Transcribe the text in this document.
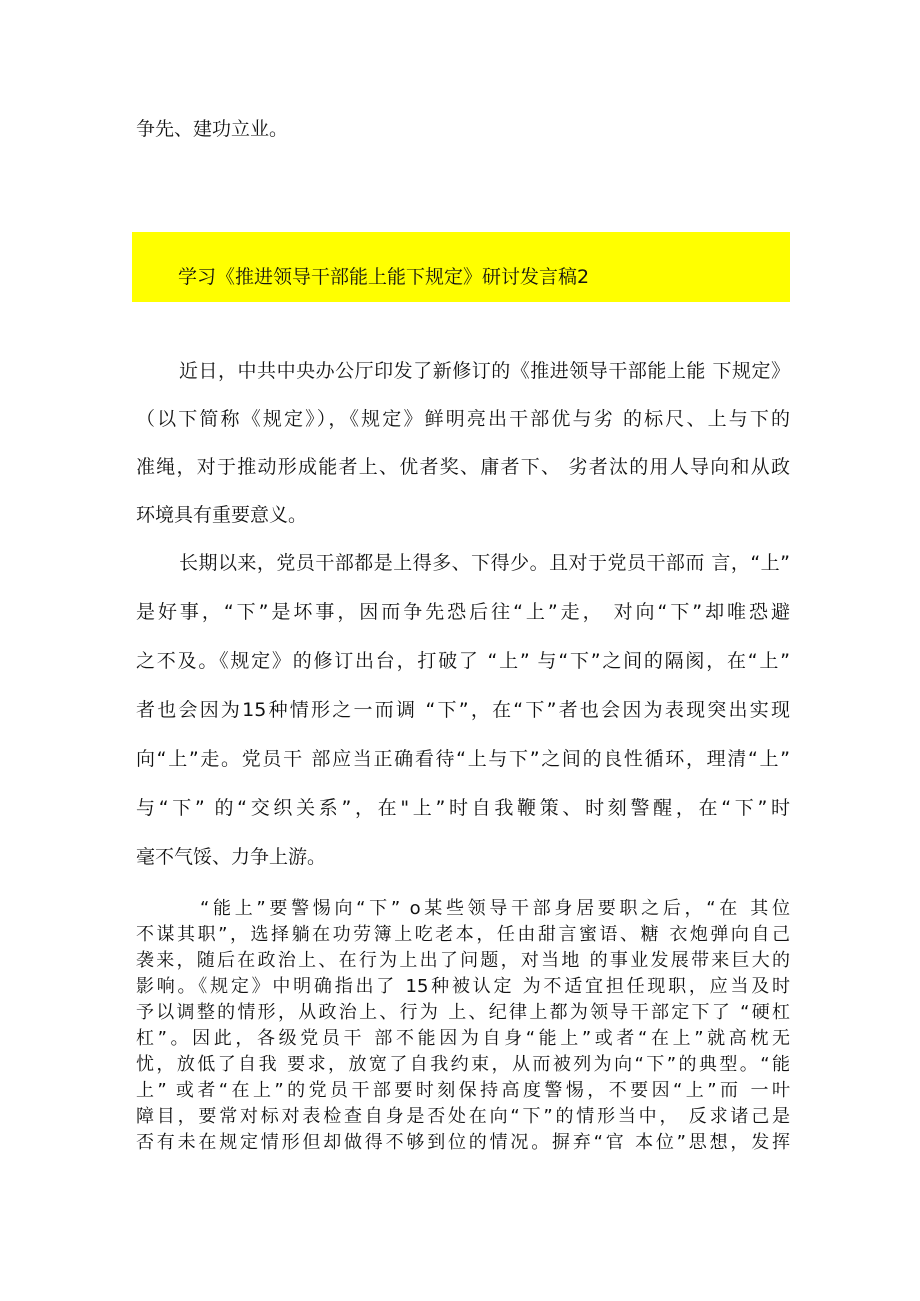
争先、建功立业。
学习《推进领导干部能上能下规定》研讨发言稿2
近日，中共中央办公厅印发了新修订的《推进领导干部能上能 下规定》
（以下简称《规定》），《规定》鲜明亮出干部优与劣 的标尺、上与下的
准绳，对于推动形成能者上、优者奖、庸者下、 劣者汰的用人导向和从政
环境具有重要意义。
长期以来，党员干部都是上得多、下得少。且对于党员干部而 言，“上”
是好事，“下”是坏事，因而争先恐后往“上”走， 对向“下”却唯恐避
之不及。《规定》的修订出台，打破了 “上” 与“下”之间的隔阂，在“上”
者也会因为15种情形之一而调 “下”，在“下”者也会因为表现突出实现
向“上”走。党员干 部应当正确看待“上与下”之间的良性循环，理清“上”
与“下” 的“交织关系”，在"上”时自我鞭策、时刻警醒，在“下”时
毫不气馁、力争上游。
“能上”要警惕向“下” o某些领导干部身居要职之后，“在 其位
不谋其职”，选择躺在功劳簿上吃老本，任由甜言蜜语、糖 衣炮弹向自己
袭来，随后在政治上、在行为上出了问题，对当地 的事业发展带来巨大的
影响。《规定》中明确指出了 15种被认定 为不适宜担任现职，应当及时
予以调整的情形，从政治上、行为 上、纪律上都为领导干部定下了 “硬杠
杠”。因此，各级党员干 部不能因为自身“能上”或者“在上”就高枕无
忧，放低了自我 要求，放宽了自我约束，从而被列为向“下”的典型。“能
上” 或者“在上”的党员干部要时刻保持高度警惕，不要因“上”而 一叶
障目，要常对标对表检查自身是否处在向“下”的情形当中， 反求诸己是
否有未在规定情形但却做得不够到位的情况。摒弃“官 本位”思想，发挥
